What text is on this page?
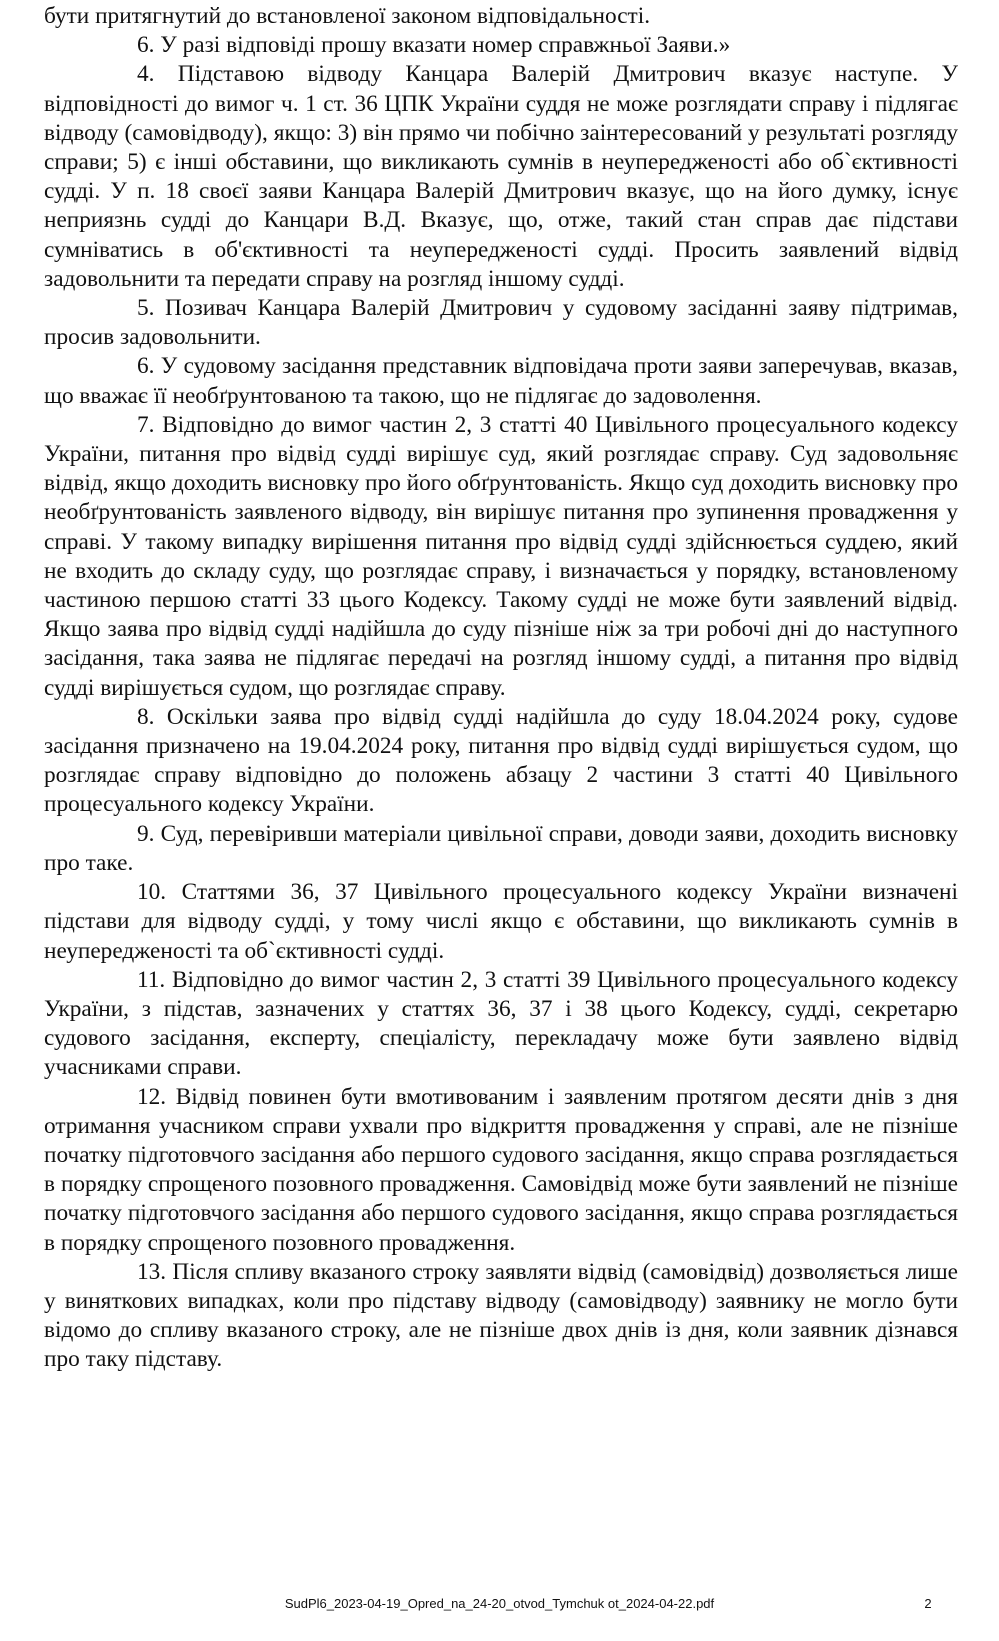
бути притягнутий до встановленої законом відповідальності.

6. У разі відповіді прошу вказати номер справжньої Заяви.»

4. Підставою відводу Канцара Валерій Дмитрович вказує наступе. У відповідності до вимог ч. 1 ст. 36 ЦПК України суддя не може розглядати справу і підлягає відводу (самовідводу), якщо: 3) він прямо чи побічно заінтересований у результаті розгляду справи; 5) є інші обставини, що викликають сумнів в неупередженості або об`єктивності судді. У п. 18 своєї заяви Канцара Валерій Дмитрович вказує, що на його думку, існує неприязнь судді до Канцари В.Д. Вказує, що, отже, такий стан справ дає підстави сумніватись в об'єктивності та неупередженості судді. Просить заявлений відвід задовольнити та передати справу на розгляд іншому судді.

5. Позивач Канцара Валерій Дмитрович у судовому засіданні заяву підтримав, просив задовольнити.

6. У судовому засідання представник відповідача проти заяви заперечував, вказав, що вважає її необґрунтованою та такою, що не підлягає до задоволення.

7. Відповідно до вимог частин 2, 3 статті 40 Цивільного процесуального кодексу України, питання про відвід судді вирішує суд, який розглядає справу. Суд задовольняє відвід, якщо доходить висновку про його обґрунтованість. Якщо суд доходить висновку про необґрунтованість заявленого відводу, він вирішує питання про зупинення провадження у справі. У такому випадку вирішення питання про відвід судді здійснюється суддею, який не входить до складу суду, що розглядає справу, і визначається у порядку, встановленому частиною першою статті 33 цього Кодексу. Такому судді не може бути заявлений відвід. Якщо заява про відвід судді надійшла до суду пізніше ніж за три робочі дні до наступного засідання, така заява не підлягає передачі на розгляд іншому судді, а питання про відвід судді вирішується судом, що розглядає справу.

8. Оскільки заява про відвід судді надійшла до суду 18.04.2024 року, судове засідання призначено на 19.04.2024 року, питання про відвід судді вирішується судом, що розглядає справу відповідно до положень абзацу 2 частини 3 статті 40 Цивільного процесуального кодексу України.

9. Суд, перевіривши матеріали цивільної справи, доводи заяви, доходить висновку про таке.

10. Статтями 36, 37 Цивільного процесуального кодексу України визначені підстави для відводу судді, у тому числі якщо є обставини, що викликають сумнів в неупередженості та об`єктивності судді.

11. Відповідно до вимог частин 2, 3 статті 39 Цивільного процесуального кодексу України, з підстав, зазначених у статтях 36, 37 і 38 цього Кодексу, судді, секретарю судового засідання, експерту, спеціалісту, перекладачу може бути заявлено відвід учасниками справи.

12. Відвід повинен бути вмотивованим і заявленим протягом десяти днів з дня отримання учасником справи ухвали про відкриття провадження у справі, але не пізніше початку підготовчого засідання або першого судового засідання, якщо справа розглядається в порядку спрощеного позовного провадження. Самовідвід може бути заявлений не пізніше початку підготовчого засідання або першого судового засідання, якщо справа розглядається в порядку спрощеного позовного провадження.

13. Після спливу вказаного строку заявляти відвід (самовідвід) дозволяється лише у виняткових випадках, коли про підставу відводу (самовідводу) заявнику не могло бути відомо до спливу вказаного строку, але не пізніше двох днів із дня, коли заявник дізнався про таку підставу.

SudPl6_2023-04-19_Opred_na_24-20_otvod_Tymchuk ot_2024-04-22.pdf	2
